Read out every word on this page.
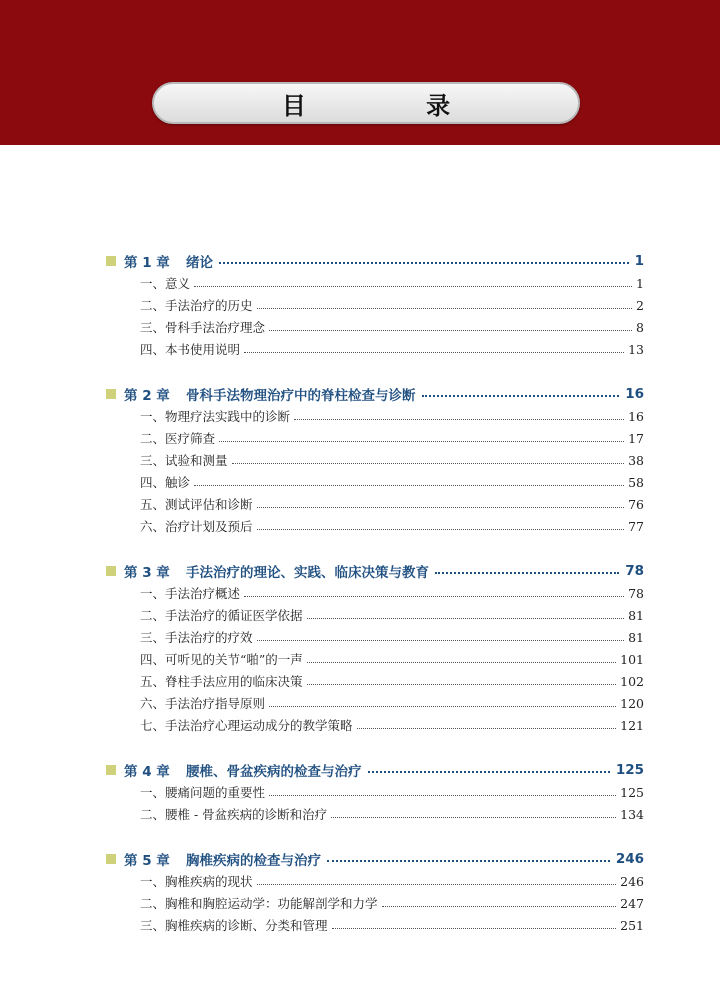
目 录
第 1 章	绪论	1
一、意义	1
二、手法治疗的历史	2
三、骨科手法治疗理念	8
四、本书使用说明	13
第 2 章	骨科手法物理治疗中的脊柱检查与诊断	16
一、物理疗法实践中的诊断	16
二、医疗筛查	17
三、试验和测量	38
四、触诊	58
五、测试评估和诊断	76
六、治疗计划及预后	77
第 3 章	手法治疗的理论、实践、临床决策与教育	78
一、手法治疗概述	78
二、手法治疗的循证医学依据	81
三、手法治疗的疗效	81
四、可听见的关节“啪”的一声	101
五、脊柱手法应用的临床决策	102
六、手法治疗指导原则	120
七、手法治疗心理运动成分的教学策略	121
第 4 章	腰椎、骨盆疾病的检查与治疗	125
一、腰痛问题的重要性	125
二、腰椎 - 骨盆疾病的诊断和治疗	134
第 5 章	胸椎疾病的检查与治疗	246
一、胸椎疾病的现状	246
二、胸椎和胸腔运动学：功能解剖学和力学	247
三、胸椎疾病的诊断、分类和管理	251
